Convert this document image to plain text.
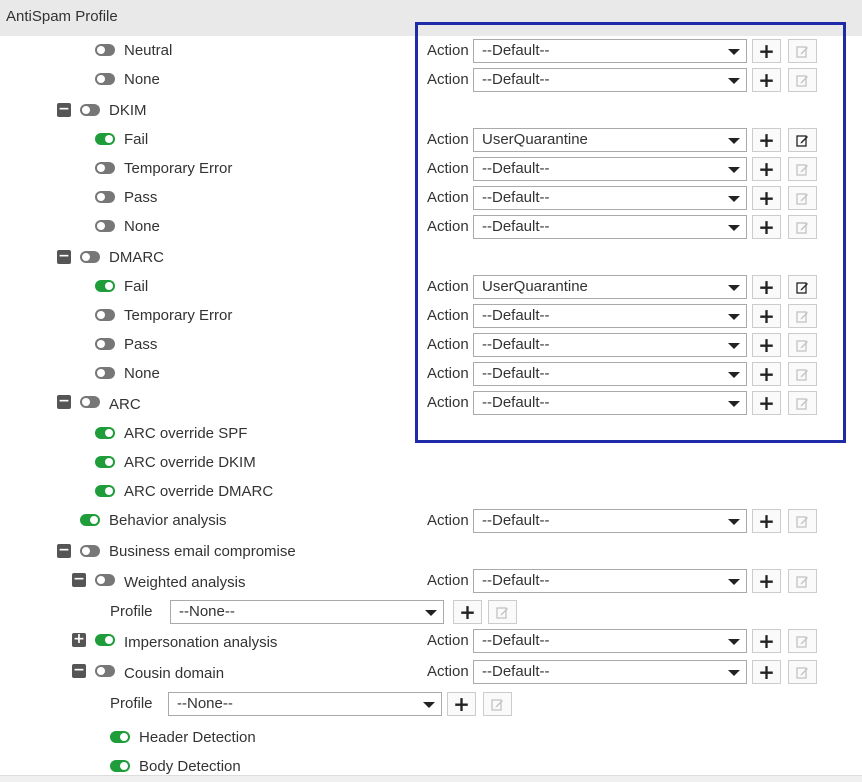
AntiSpam Profile
Neutral	Action --Default--	+
None	Action --Default--	+
−	DKIM
Fail	Action UserQuarantine	+
Temporary Error	Action --Default--	+
Pass	Action --Default--	+
None	Action --Default--	+
−	DMARC
Fail	Action UserQuarantine	+
Temporary Error	Action --Default--	+
Pass	Action --Default--	+
None	Action --Default--	+
−	ARC	Action --Default--	+
ARC override SPF
ARC override DKIM
ARC override DMARC
Behavior analysis	Action --Default--	+
−	Business email compromise
−	Weighted analysis	Action --Default--	+
Profile	--None--	+
+	Impersonation analysis	Action --Default--	+
−	Cousin domain	Action --Default--	+
Profile	--None--	+
Header Detection
Body Detection
